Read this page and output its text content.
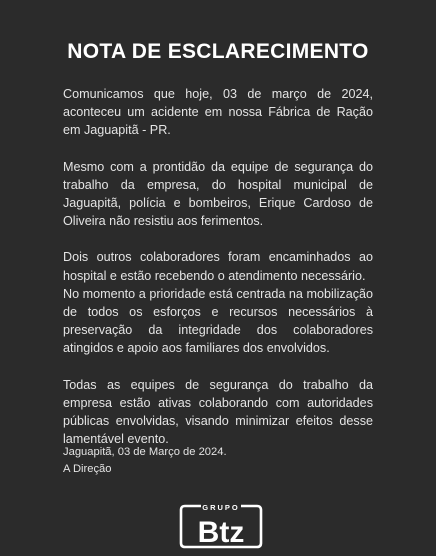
NOTA DE ESCLARECIMENTO

Comunicamos que hoje, 03 de março de 2024, aconteceu um acidente em nossa Fábrica de Ração em Jaguapitã - PR.

Mesmo com a prontidão da equipe de segurança do trabalho da empresa, do hospital municipal de Jaguapitã, polícia e bombeiros, Erique Cardoso de Oliveira não resistiu aos ferimentos.

Dois outros colaboradores foram encaminhados ao hospital e estão recebendo o atendimento necessário.

No momento a prioridade está centrada na mobilização de todos os esforços e recursos necessários à preservação da integridade dos colaboradores atingidos e apoio aos familiares dos envolvidos.

Todas as equipes de segurança do trabalho da empresa estão ativas colaborando com autoridades públicas envolvidas, visando minimizar efeitos desse lamentável evento.

Jaguapitã, 03 de Março de 2024.
A Direção
GRUPO
Btz
